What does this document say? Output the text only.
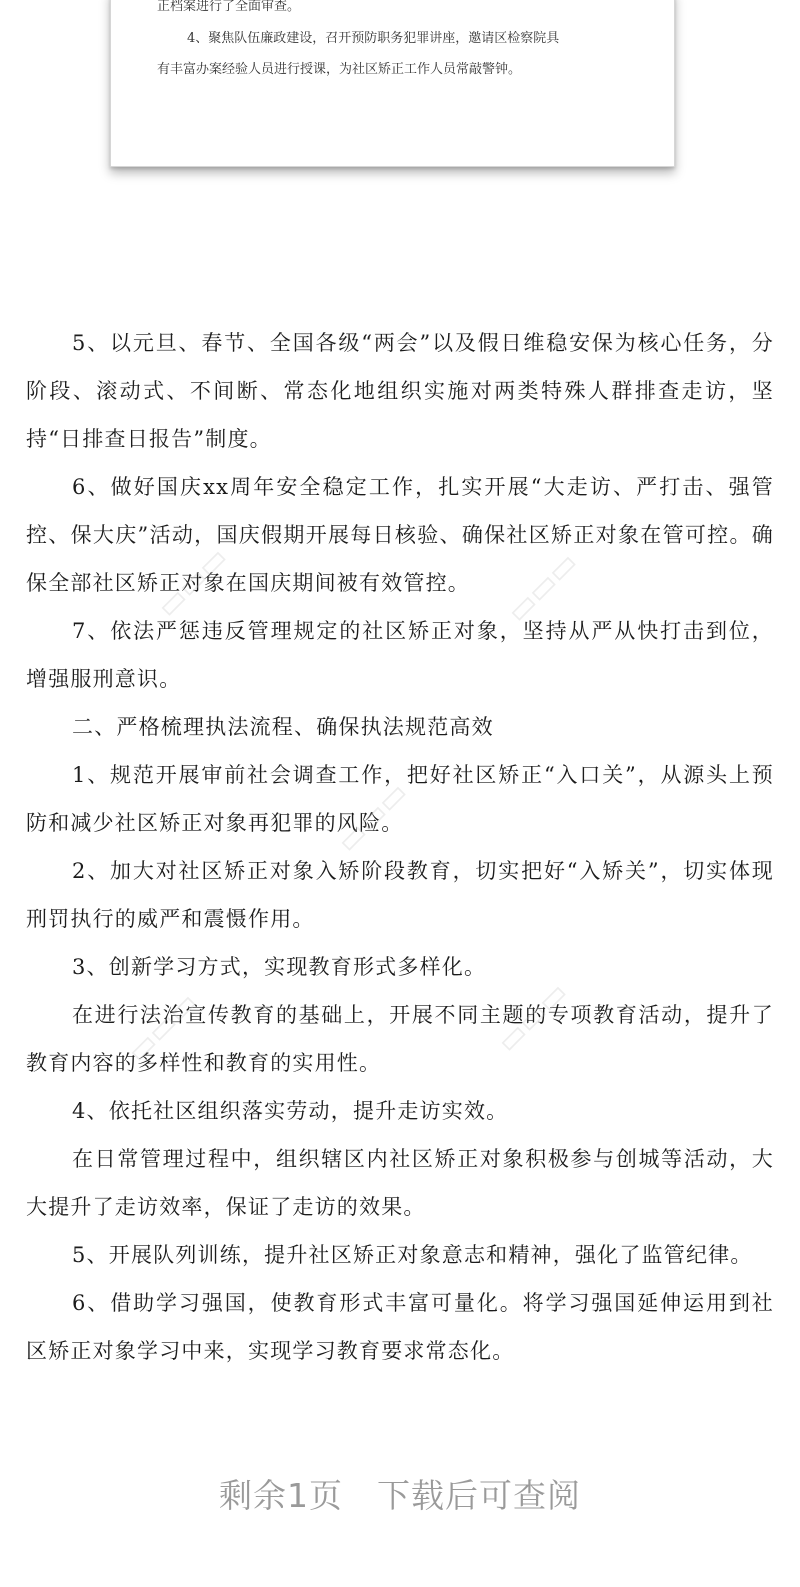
正档案进行了全面审查。
4、聚焦队伍廉政建设，召开预防职务犯罪讲座，邀请区检察院具
有丰富办案经验人员进行授课，为社区矫正工作人员常敲警钟。

5、以元旦、春节、全国各级“两会”以及假日维稳安保为核心任务，分阶段、滚动式、不间断、常态化地组织实施对两类特殊人群排查走访，坚持“日排查日报告”制度。

6、做好国庆xx周年安全稳定工作，扎实开展“大走访、严打击、强管控、保大庆”活动，国庆假期开展每日核验、确保社区矫正对象在管可控。确保全部社区矫正对象在国庆期间被有效管控。

7、依法严惩违反管理规定的社区矫正对象，坚持从严从快打击到位，增强服刑意识。

二、严格梳理执法流程、确保执法规范高效

1、规范开展审前社会调查工作，把好社区矫正“入口关”，从源头上预防和减少社区矫正对象再犯罪的风险。

2、加大对社区矫正对象入矫阶段教育，切实把好“入矫关”，切实体现刑罚执行的威严和震慑作用。

3、创新学习方式，实现教育形式多样化。

在进行法治宣传教育的基础上，开展不同主题的专项教育活动，提升了教育内容的多样性和教育的实用性。

4、依托社区组织落实劳动，提升走访实效。

在日常管理过程中，组织辖区内社区矫正对象积极参与创城等活动，大大提升了走访效率，保证了走访的效果。

5、开展队列训练，提升社区矫正对象意志和精神，强化了监管纪律。

6、借助学习强国，使教育形式丰富可量化。将学习强国延伸运用到社区矫正对象学习中来，实现学习教育要求常态化。

▭▭▭	▭▭▭
▭▭▭
▭▭▭	▭▭▭
剩余1页 下载后可查阅
